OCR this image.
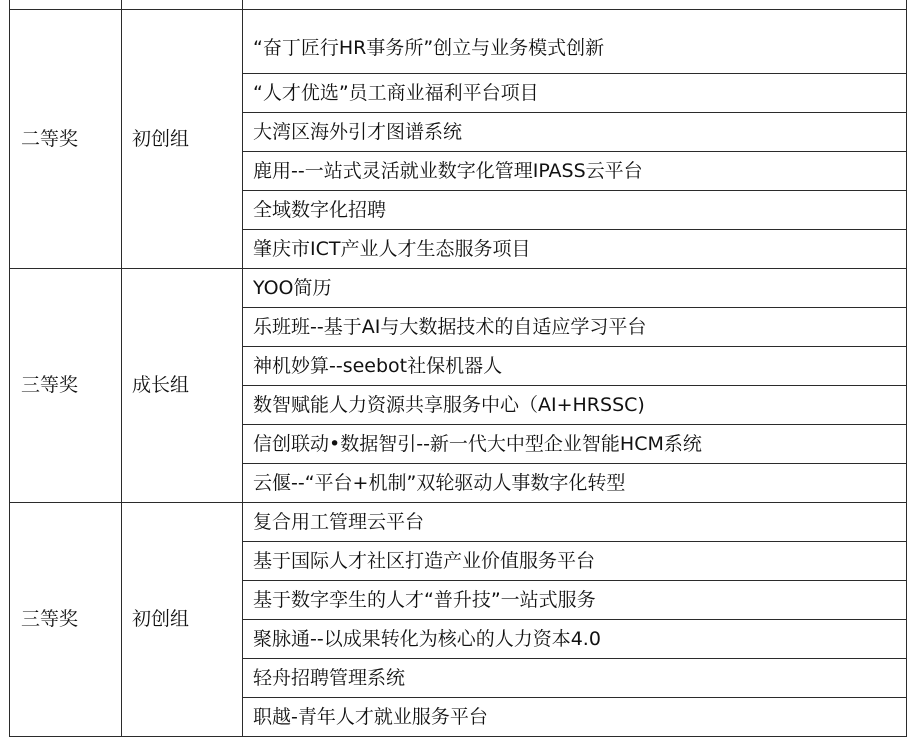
二等奖	初创组	“奋丁匠行HR事务所”创立与业务模式创新
		“人才优选”员工商业福利平台项目
		大湾区海外引才图谱系统
		鹿用--一站式灵活就业数字化管理IPASS云平台
		全域数字化招聘
		肇庆市ICT产业人才生态服务项目
三等奖	成长组	YOO简历
		乐班班--基于AI与大数据技术的自适应学习平台
		神机妙算--seebot社保机器人
		数智赋能人力资源共享服务中心（AI+HRSSC)
		信创联动•数据智引--新一代大中型企业智能HCM系统
		云偃--“平台+机制”双轮驱动人事数字化转型
三等奖	初创组	复合用工管理云平台
		基于国际人才社区打造产业价值服务平台
		基于数字孪生的人才“普升技”一站式服务
		聚脉通--以成果转化为核心的人力资本4.0
		轻舟招聘管理系统
		职越-青年人才就业服务平台
